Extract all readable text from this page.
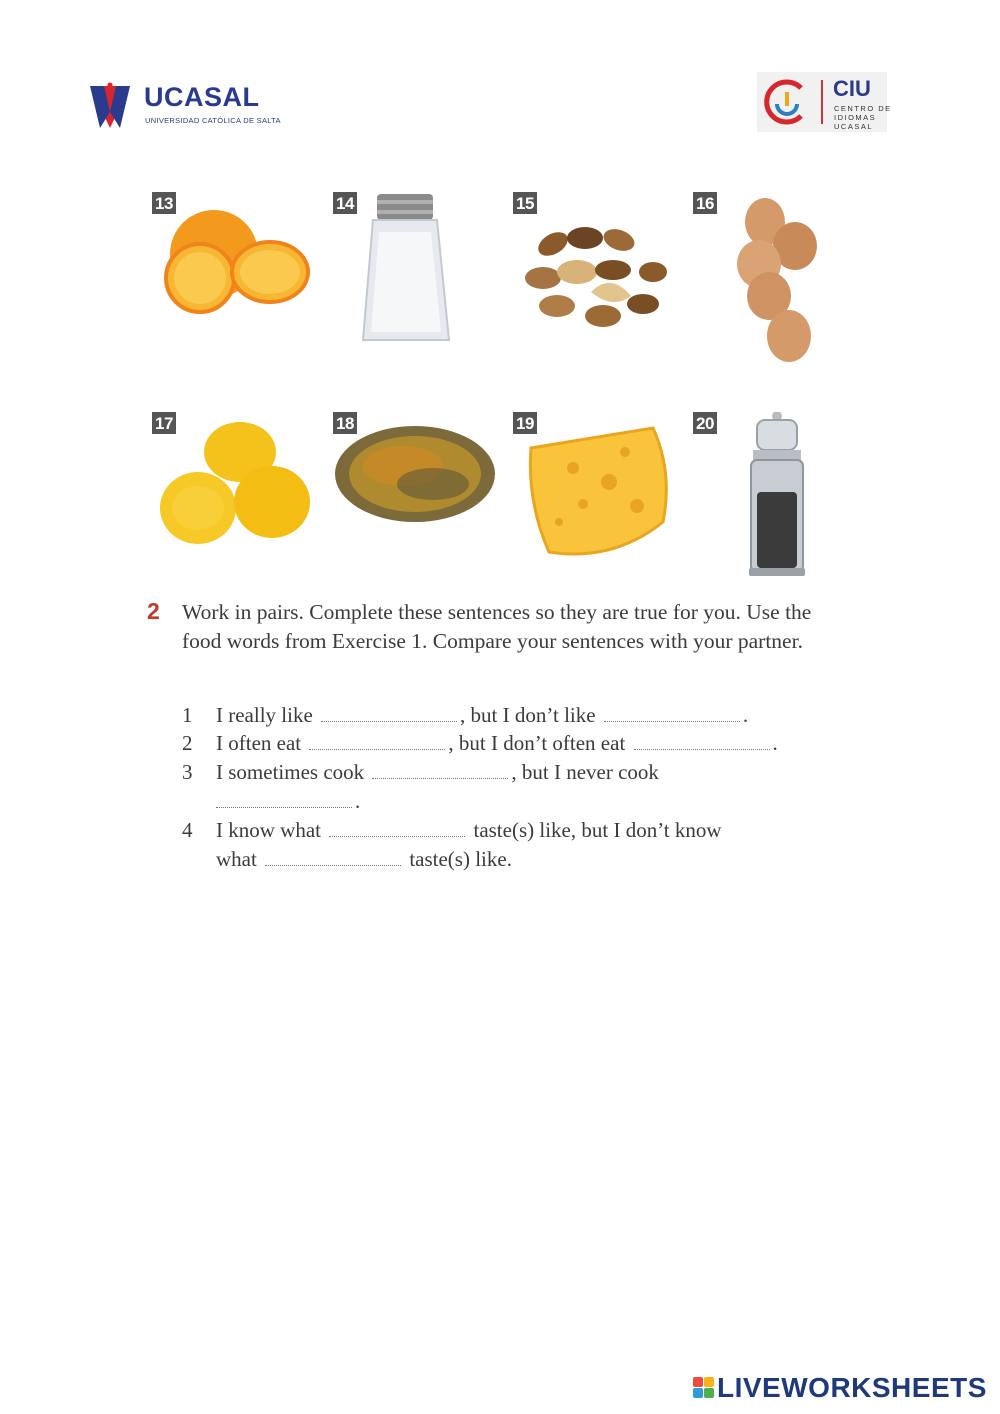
UCASAL
UNIVERSIDAD CATÓLICA DE SALTA
CIU
CENTRO DE
IDIOMAS
UCASAL
13	14	15	16
17	18	19	20
2 Work in pairs. Complete these sentences so they are true for you. Use the food words from Exercise 1. Compare your sentences with your partner.
1 I really like	, but I don’t like	.
2 I often eat	, but I don’t often eat	.
3 I sometimes cook	, but I never cook
.
4 I know what	taste(s) like, but I don’t know
what	taste(s) like.
LIVEWORKSHEETS
